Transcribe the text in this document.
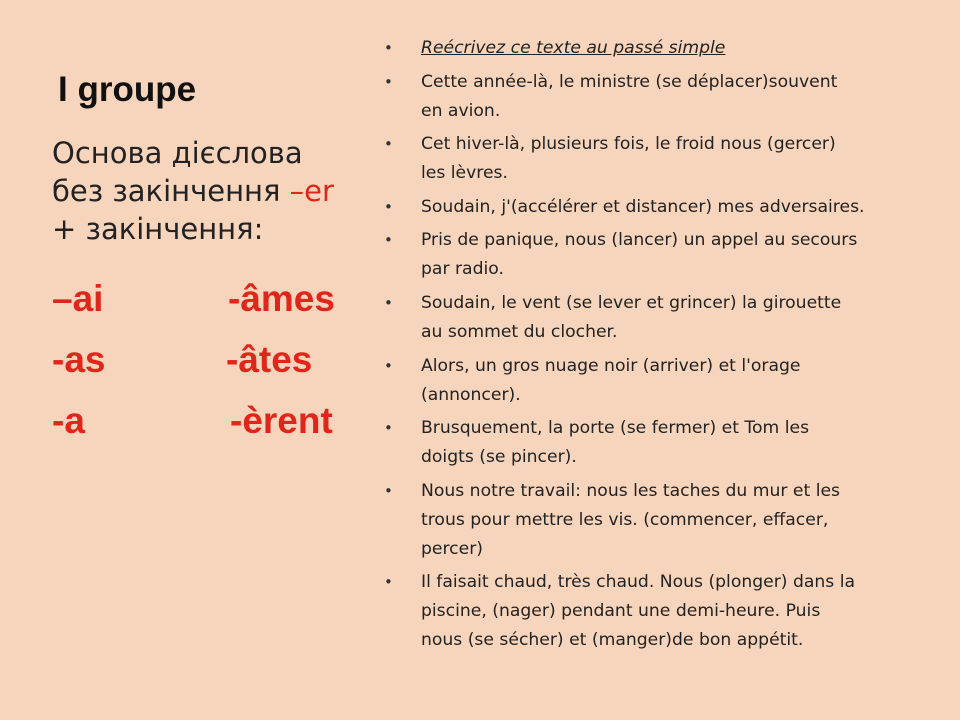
I groupe
Основа дієслова
без закінчення –er
+ закінчення:
–ai	-âmes
-as	-âtes
-a	-èrent
• Reécrivez ce texte au passé simple
• Cette année-là, le ministre (se déplacer)souvent
en avion.
• Cet hiver-là, plusieurs fois, le froid nous (gercer)
les lèvres.
• Soudain, j'(accélérer et distancer) mes adversaires.
• Pris de panique, nous (lancer) un appel au secours
par radio.
• Soudain, le vent (se lever et grincer) la girouette
au sommet du clocher.
• Alors, un gros nuage noir (arriver) et l'orage
(annoncer).
• Brusquement, la porte (se fermer) et Tom les
doigts (se pincer).
• Nous notre travail: nous les taches du mur et les
trous pour mettre les vis. (commencer, effacer,
percer)
• Il faisait chaud, très chaud. Nous (plonger) dans la
piscine, (nager) pendant une demi-heure. Puis
nous (se sécher) et (manger)de bon appétit.
